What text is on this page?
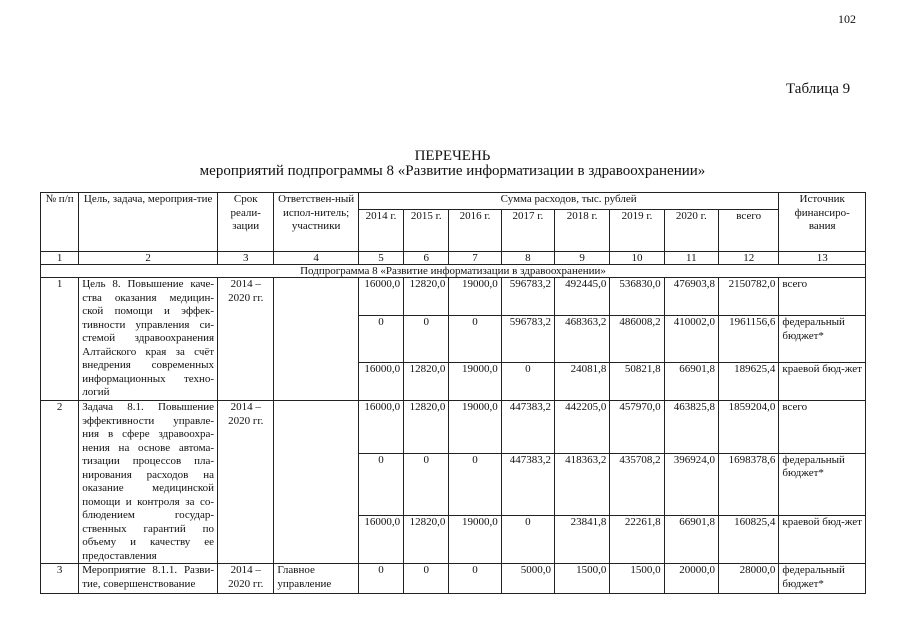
102
Таблица 9
ПЕРЕЧЕНЬ
мероприятий подпрограммы 8 «Развитие информатизации в здравоохранении»
№ п/п	Цель, задача, мероприя-тие	Срок реали-зации	Ответствен-ный испол-нитель; участники	Сумма расходов, тыс. рублей								Источник финансиро-вания
				2014 г.	2015 г.	2016 г.	2017 г.	2018 г.	2019 г.	2020 г.	всего	
1	2	3	4	5	6	7	8	9	10	11	12	13
Подпрограмма 8 «Развитие информатизации в здравоохранении»												
1	Цель 8. Повышение каче-ства оказания медицин-ской помощи и эффек-тивности управления си-стемой здравоохранения Алтайского края за счёт внедрения современных информационных техно-логий	2014 – 2020 гг.		16000,0	12820,0	19000,0	596783,2	492445,0	536830,0	476903,8	2150782,0	всего
				0	0	0	596783,2	468363,2	486008,2	410002,0	1961156,6	федеральный бюджет*
				16000,0	12820,0	19000,0	0	24081,8	50821,8	66901,8	189625,4	краевой бюд-жет
2	Задача 8.1. Повышение эффективности управле-ния в сфере здравоохра-нения на основе автома-тизации процессов пла-нирования расходов на оказание медицинской помощи и контроля за со-блюдением государ-ственных гарантий по объему и качеству ее предоставления	2014 – 2020 гг.		16000,0	12820,0	19000,0	447383,2	442205,0	457970,0	463825,8	1859204,0	всего
				0	0	0	447383,2	418363,2	435708,2	396924,0	1698378,6	федеральный бюджет*
				16000,0	12820,0	19000,0	0	23841,8	22261,8	66901,8	160825,4	краевой бюд-жет
3	Мероприятие 8.1.1. Разви-тие, совершенствование	2014 – 2020 гг.	Главное управление	0	0	0	5000,0	1500,0	1500,0	20000,0	28000,0	федеральный бюджет*
